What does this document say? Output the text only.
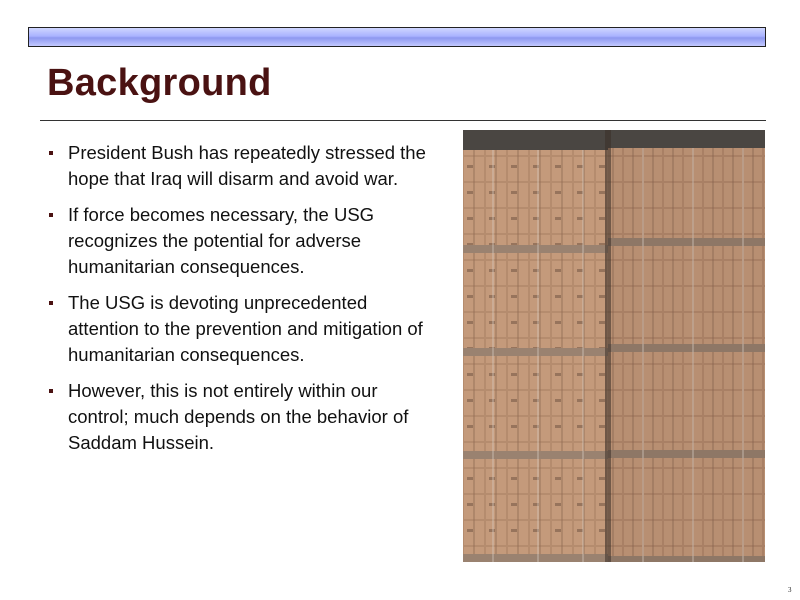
Background
President Bush has repeatedly stressed the hope that Iraq will disarm and avoid war.
If force becomes necessary, the USG recognizes the potential for adverse humanitarian consequences.
The USG is devoting unprecedented attention to the prevention and mitigation of humanitarian consequences.
However, this is not entirely within our control; much depends on the behavior of Saddam Hussein.
3
